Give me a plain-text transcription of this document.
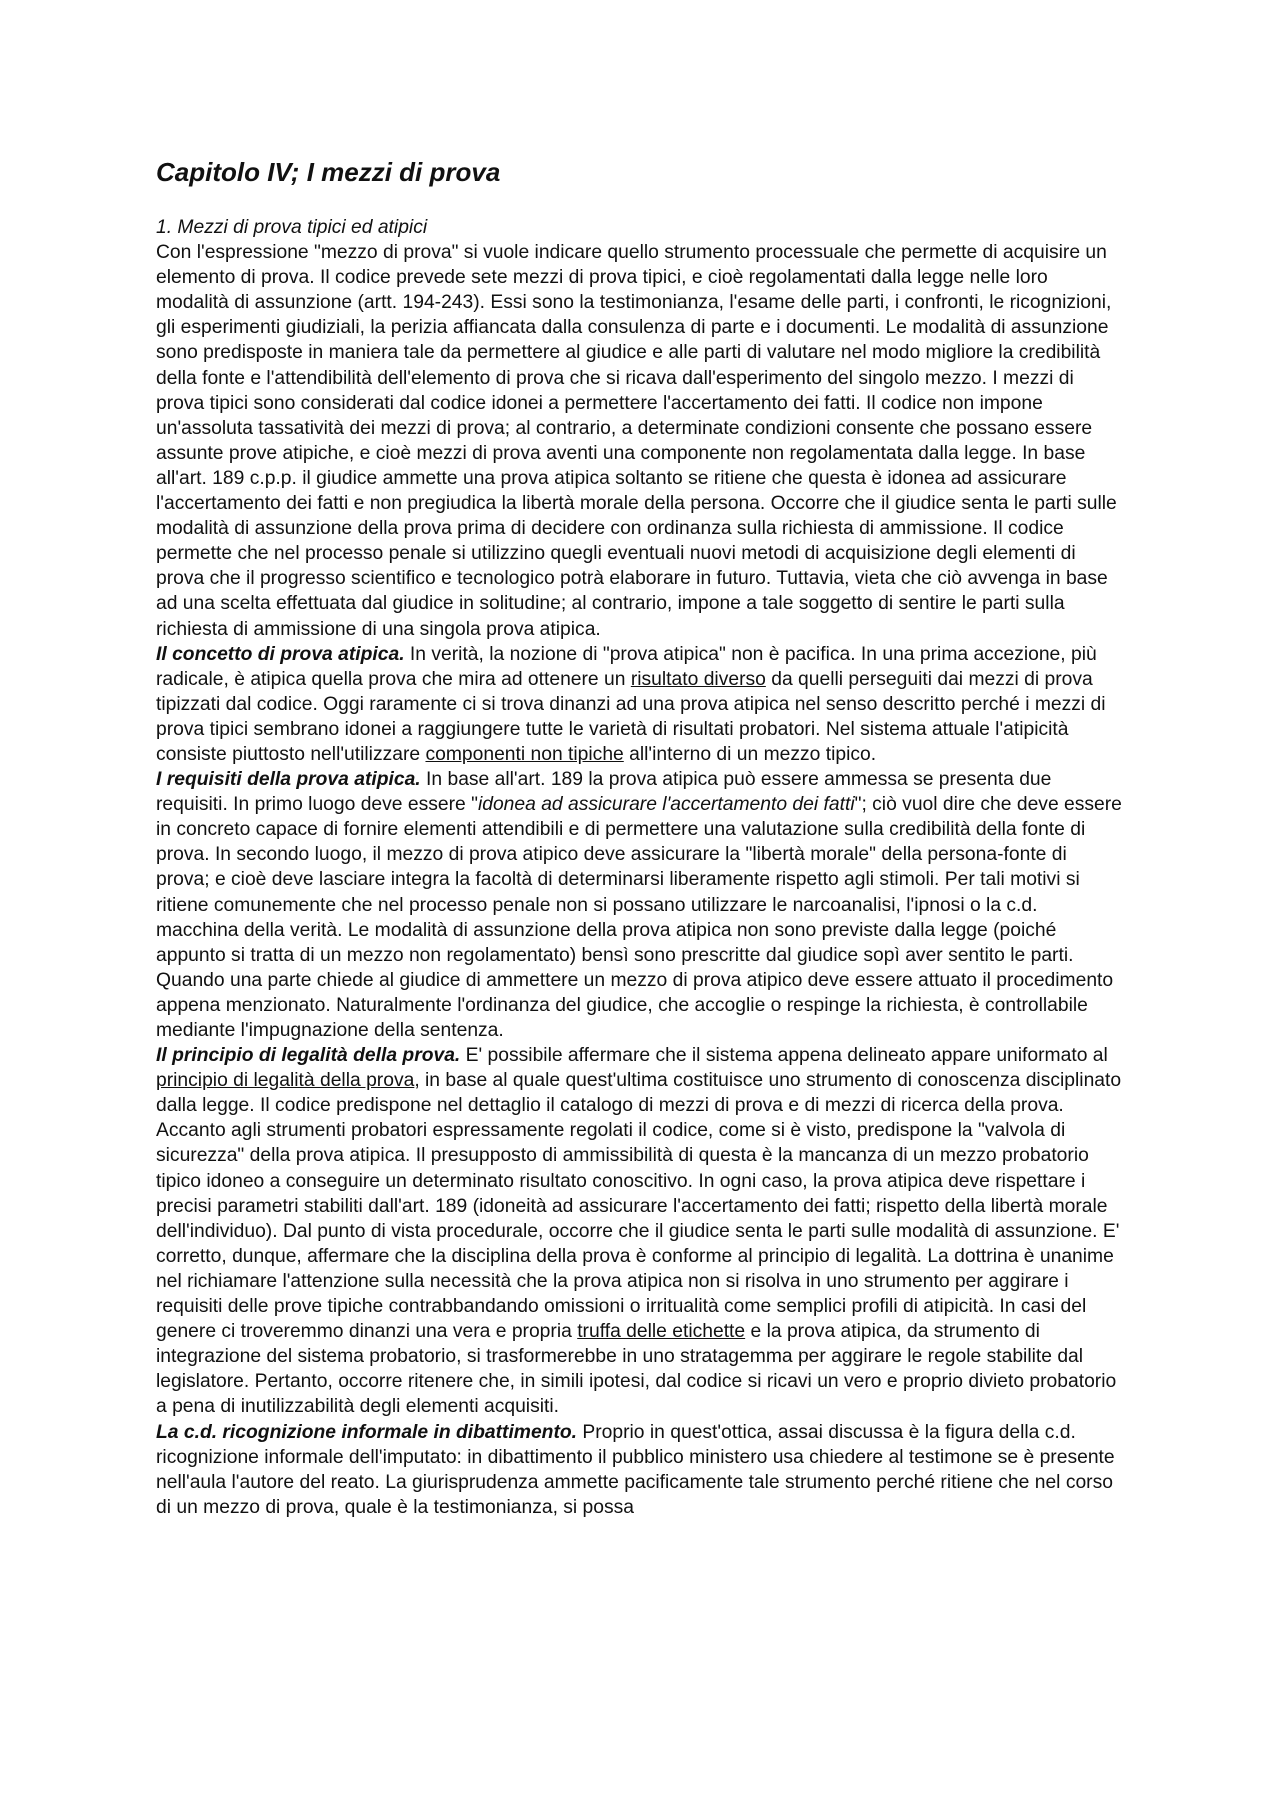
Capitolo IV; I mezzi di prova
1. Mezzi di prova tipici ed atipici

Con l'espressione "mezzo di prova" si vuole indicare quello strumento processuale che permette di acquisire un elemento di prova. Il codice prevede sete mezzi di prova tipici, e cioè regolamentati dalla legge nelle loro modalità di assunzione (artt. 194-243). Essi sono la testimonianza, l'esame delle parti, i confronti, le ricognizioni, gli esperimenti giudiziali, la perizia affiancata dalla consulenza di parte e i documenti. Le modalità di assunzione sono predisposte in maniera tale da permettere al giudice e alle parti di valutare nel modo migliore la credibilità della fonte e l'attendibilità dell'elemento di prova che si ricava dall'esperimento del singolo mezzo. I mezzi di prova tipici sono considerati dal codice idonei a permettere l'accertamento dei fatti. Il codice non impone un'assoluta tassatività dei mezzi di prova; al contrario, a determinate condizioni consente che possano essere assunte prove atipiche, e cioè mezzi di prova aventi una componente non regolamentata dalla legge. In base all'art. 189 c.p.p. il giudice ammette una prova atipica soltanto se ritiene che questa è idonea ad assicurare l'accertamento dei fatti e non pregiudica la libertà morale della persona. Occorre che il giudice senta le parti sulle modalità di assunzione della prova prima di decidere con ordinanza sulla richiesta di ammissione. Il codice permette che nel processo penale si utilizzino quegli eventuali nuovi metodi di acquisizione degli elementi di prova che il progresso scientifico e tecnologico potrà elaborare in futuro. Tuttavia, vieta che ciò avvenga in base ad una scelta effettuata dal giudice in solitudine; al contrario, impone a tale soggetto di sentire le parti sulla richiesta di ammissione di una singola prova atipica.

Il concetto di prova atipica. In verità, la nozione di "prova atipica" non è pacifica. In una prima accezione, più radicale, è atipica quella prova che mira ad ottenere un risultato diverso da quelli perseguiti dai mezzi di prova tipizzati dal codice. Oggi raramente ci si trova dinanzi ad una prova atipica nel senso descritto perché i mezzi di prova tipici sembrano idonei a raggiungere tutte le varietà di risultati probatori. Nel sistema attuale l'atipicità consiste piuttosto nell'utilizzare componenti non tipiche all'interno di un mezzo tipico.

I requisiti della prova atipica. In base all'art. 189 la prova atipica può essere ammessa se presenta due requisiti. In primo luogo deve essere "idonea ad assicurare l'accertamento dei fatti"; ciò vuol dire che deve essere in concreto capace di fornire elementi attendibili e di permettere una valutazione sulla credibilità della fonte di prova. In secondo luogo, il mezzo di prova atipico deve assicurare la "libertà morale" della persona-fonte di prova; e cioè deve lasciare integra la facoltà di determinarsi liberamente rispetto agli stimoli. Per tali motivi si ritiene comunemente che nel processo penale non si possano utilizzare le narcoanalisi, l'ipnosi o la c.d. macchina della verità. Le modalità di assunzione della prova atipica non sono previste dalla legge (poiché appunto si tratta di un mezzo non regolamentato) bensì sono prescritte dal giudice sopì aver sentito le parti. Quando una parte chiede al giudice di ammettere un mezzo di prova atipico deve essere attuato il procedimento appena menzionato. Naturalmente l'ordinanza del giudice, che accoglie o respinge la richiesta, è controllabile mediante l'impugnazione della sentenza.

Il principio di legalità della prova. E' possibile affermare che il sistema appena delineato appare uniformato al principio di legalità della prova, in base al quale quest'ultima costituisce uno strumento di conoscenza disciplinato dalla legge. Il codice predispone nel dettaglio il catalogo di mezzi di prova e di mezzi di ricerca della prova. Accanto agli strumenti probatori espressamente regolati il codice, come si è visto, predispone la "valvola di sicurezza" della prova atipica. Il presupposto di ammissibilità di questa è la mancanza di un mezzo probatorio tipico idoneo a conseguire un determinato risultato conoscitivo. In ogni caso, la prova atipica deve rispettare i precisi parametri stabiliti dall'art. 189 (idoneità ad assicurare l'accertamento dei fatti; rispetto della libertà morale dell'individuo). Dal punto di vista procedurale, occorre che il giudice senta le parti sulle modalità di assunzione. E' corretto, dunque, affermare che la disciplina della prova è conforme al principio di legalità. La dottrina è unanime nel richiamare l'attenzione sulla necessità che la prova atipica non si risolva in uno strumento per aggirare i requisiti delle prove tipiche contrabbandando omissioni o irritualità come semplici profili di atipicità. In casi del genere ci troveremmo dinanzi una vera e propria truffa delle etichette e la prova atipica, da strumento di integrazione del sistema probatorio, si trasformerebbe in uno stratagemma per aggirare le regole stabilite dal legislatore. Pertanto, occorre ritenere che, in simili ipotesi, dal codice si ricavi un vero e proprio divieto probatorio a pena di inutilizzabilità degli elementi acquisiti.

La c.d. ricognizione informale in dibattimento. Proprio in quest'ottica, assai discussa è la figura della c.d. ricognizione informale dell'imputato: in dibattimento il pubblico ministero usa chiedere al testimone se è presente nell'aula l'autore del reato. La giurisprudenza ammette pacificamente tale strumento perché ritiene che nel corso di un mezzo di prova, quale è la testimonianza, si possa
